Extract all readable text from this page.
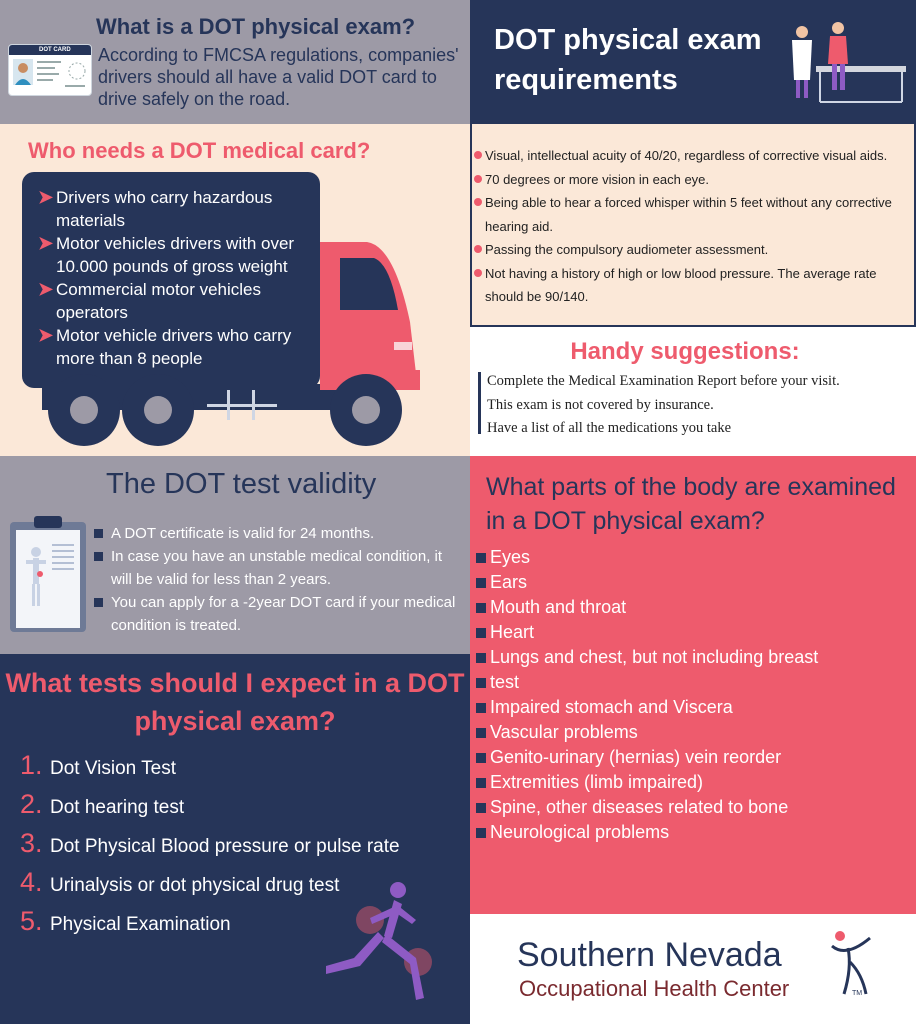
DOT CARD
What is a DOT physical exam?
According to FMCSA regulations, companies' drivers should all have a valid DOT card to drive safely on the road.
DOT physical exam requirements
Who needs a DOT medical card?
➤ Drivers who carry hazardous materials
➤ Motor vehicles drivers with over 10.000 pounds of gross weight
➤ Commercial motor vehicles operators
➤ Motor vehicle drivers who carry more than 8 people
Visual, intellectual acuity of 40/20, regardless of corrective visual aids.
70 degrees or more vision in each eye.
Being able to hear a forced whisper within 5 feet without any corrective hearing aid.
Passing the compulsory audiometer assessment.
Not having a history of high or low blood pressure. The average rate should be 90/140.
Handy suggestions:
Complete the Medical Examination Report before your visit.
This exam is not covered by insurance.
Have a list of all the medications you take
The DOT test validity
A DOT certificate is valid for 24 months.
In case you have an unstable medical condition, it will be valid for less than 2 years.
You can apply for a -2year DOT card if your medical condition is treated.
What parts of the body are examined in a DOT physical exam?
Eyes
Ears
Mouth and throat
Heart
Lungs and chest, but not including breast
test
Impaired stomach and Viscera
Vascular problems
Genito-urinary (hernias) vein reorder
Extremities (limb impaired)
Spine, other diseases related to bone
Neurological problems
What tests should I expect in a DOT physical exam?
1. Dot Vision Test
2. Dot hearing test
3. Dot Physical Blood pressure or pulse rate
4. Urinalysis or dot physical drug test
5. Physical Examination
Southern Nevada
Occupational Health Center	TM
